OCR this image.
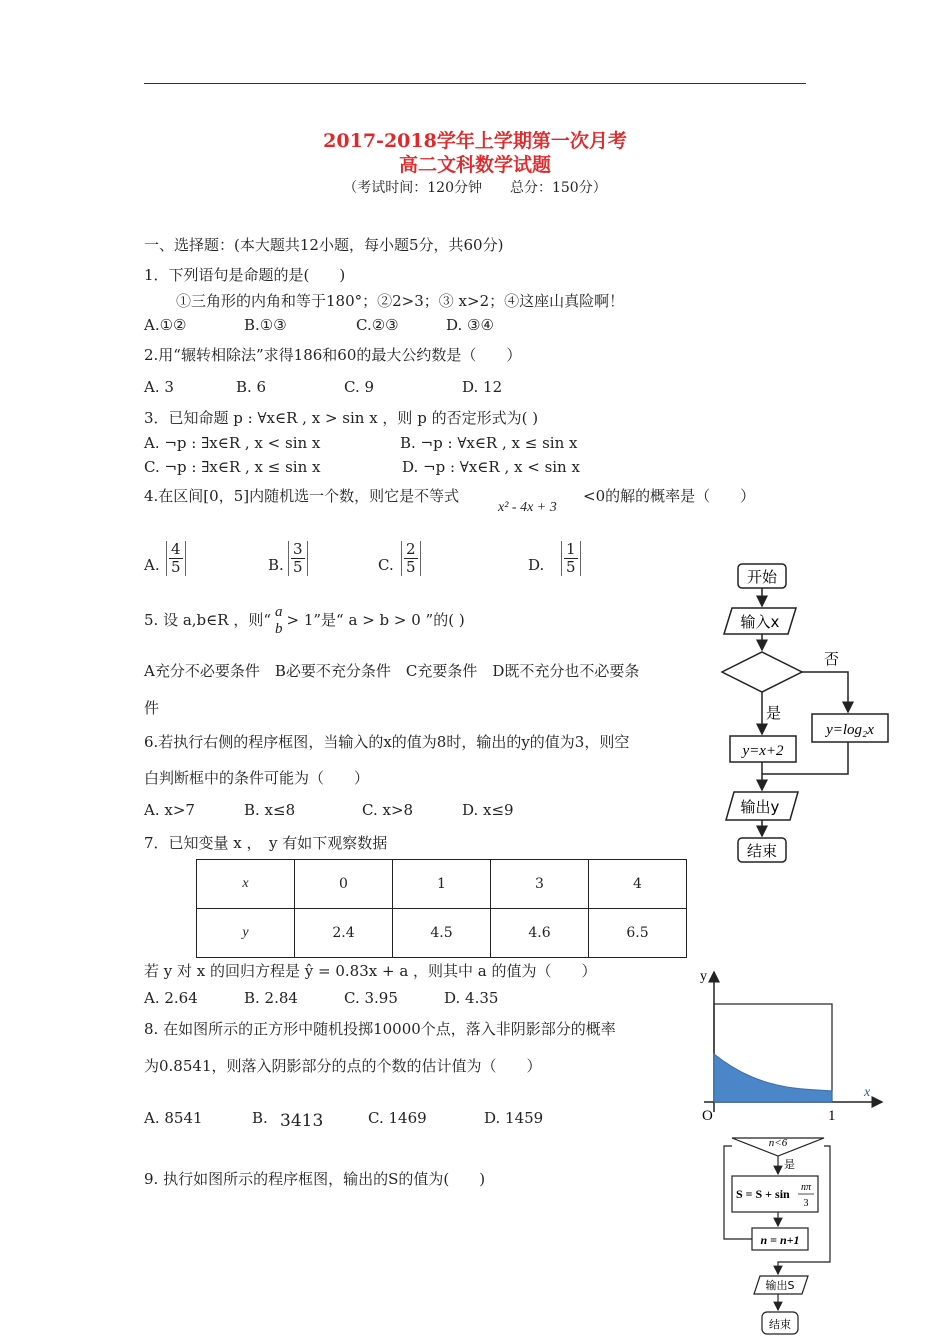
2017-2018学年上学期第一次月考
高二文科数学试题
（考试时间：120分钟　　总分：150分）
一、选择题：(本大题共12小题，每小题5分，共60分)
1．下列语句是命题的是(　　)
①三角形的内角和等于180°；②2>3；③ x>2；④这座山真险啊！
A.①②	B.①③	C.②③	D. ③④
2.用“辗转相除法”求得186和60的最大公约数是（　　）
A. 3	B. 6	C. 9	D. 12
3．已知命题 p : ∀x∈R , x > sin x ，则 p 的否定形式为( )
A. ¬p : ∃x∈R , x < sin x	B. ¬p : ∀x∈R , x ≤ sin x
C. ¬p : ∃x∈R , x ≤ sin x	D. ¬p : ∀x∈R , x < sin x
4.在区间[0，5]内随机选一个数，则它是不等式
x² - 4x + 3
<0的解的概率是（　　）
A. $\frac{4}{5}$	B. $\frac{3}{5}$	C. $\frac{2}{5}$	D. $\frac{1}{5}$
5. 设 a,b∈R ，则“ a
b > 1”是“ a > b > 0 ”的( )
A充分不必要条件　B必要不充分条件　C充要条件　D既不充分也不必要条
件
6.若执行右侧的程序框图，当输入的x的值为8时，输出的y的值为3，则空
白判断框中的条件可能为（　　）
A. x>7	B. x≤8	C. x>8	D. x≤9
7．已知变量 x ，　y 有如下观察数据
x	0	1	3	4
y	2.4	4.5	4.6	6.5
若 y 对 x 的回归方程是 ŷ = 0.83x + a ，则其中 a 的值为（　　）
A. 2.64	B. 2.84	C. 3.95	D. 4.35
8. 在如图所示的正方形中随机投掷10000个点，落入非阴影部分的概率
为0.8541，则落入阴影部分的点的个数的估计值为（　　）
A. 8541	B. 3413	C. 1469	D. 1459
9. 执行如图所示的程序框图，输出的S的值为(　　)
开始
输入x
否
是
y=log₂x
y=x+2
输出y
结束
y
x
O	1
n<6
是
S = S + sin nπ
3
n = n+1
输出S
结束
